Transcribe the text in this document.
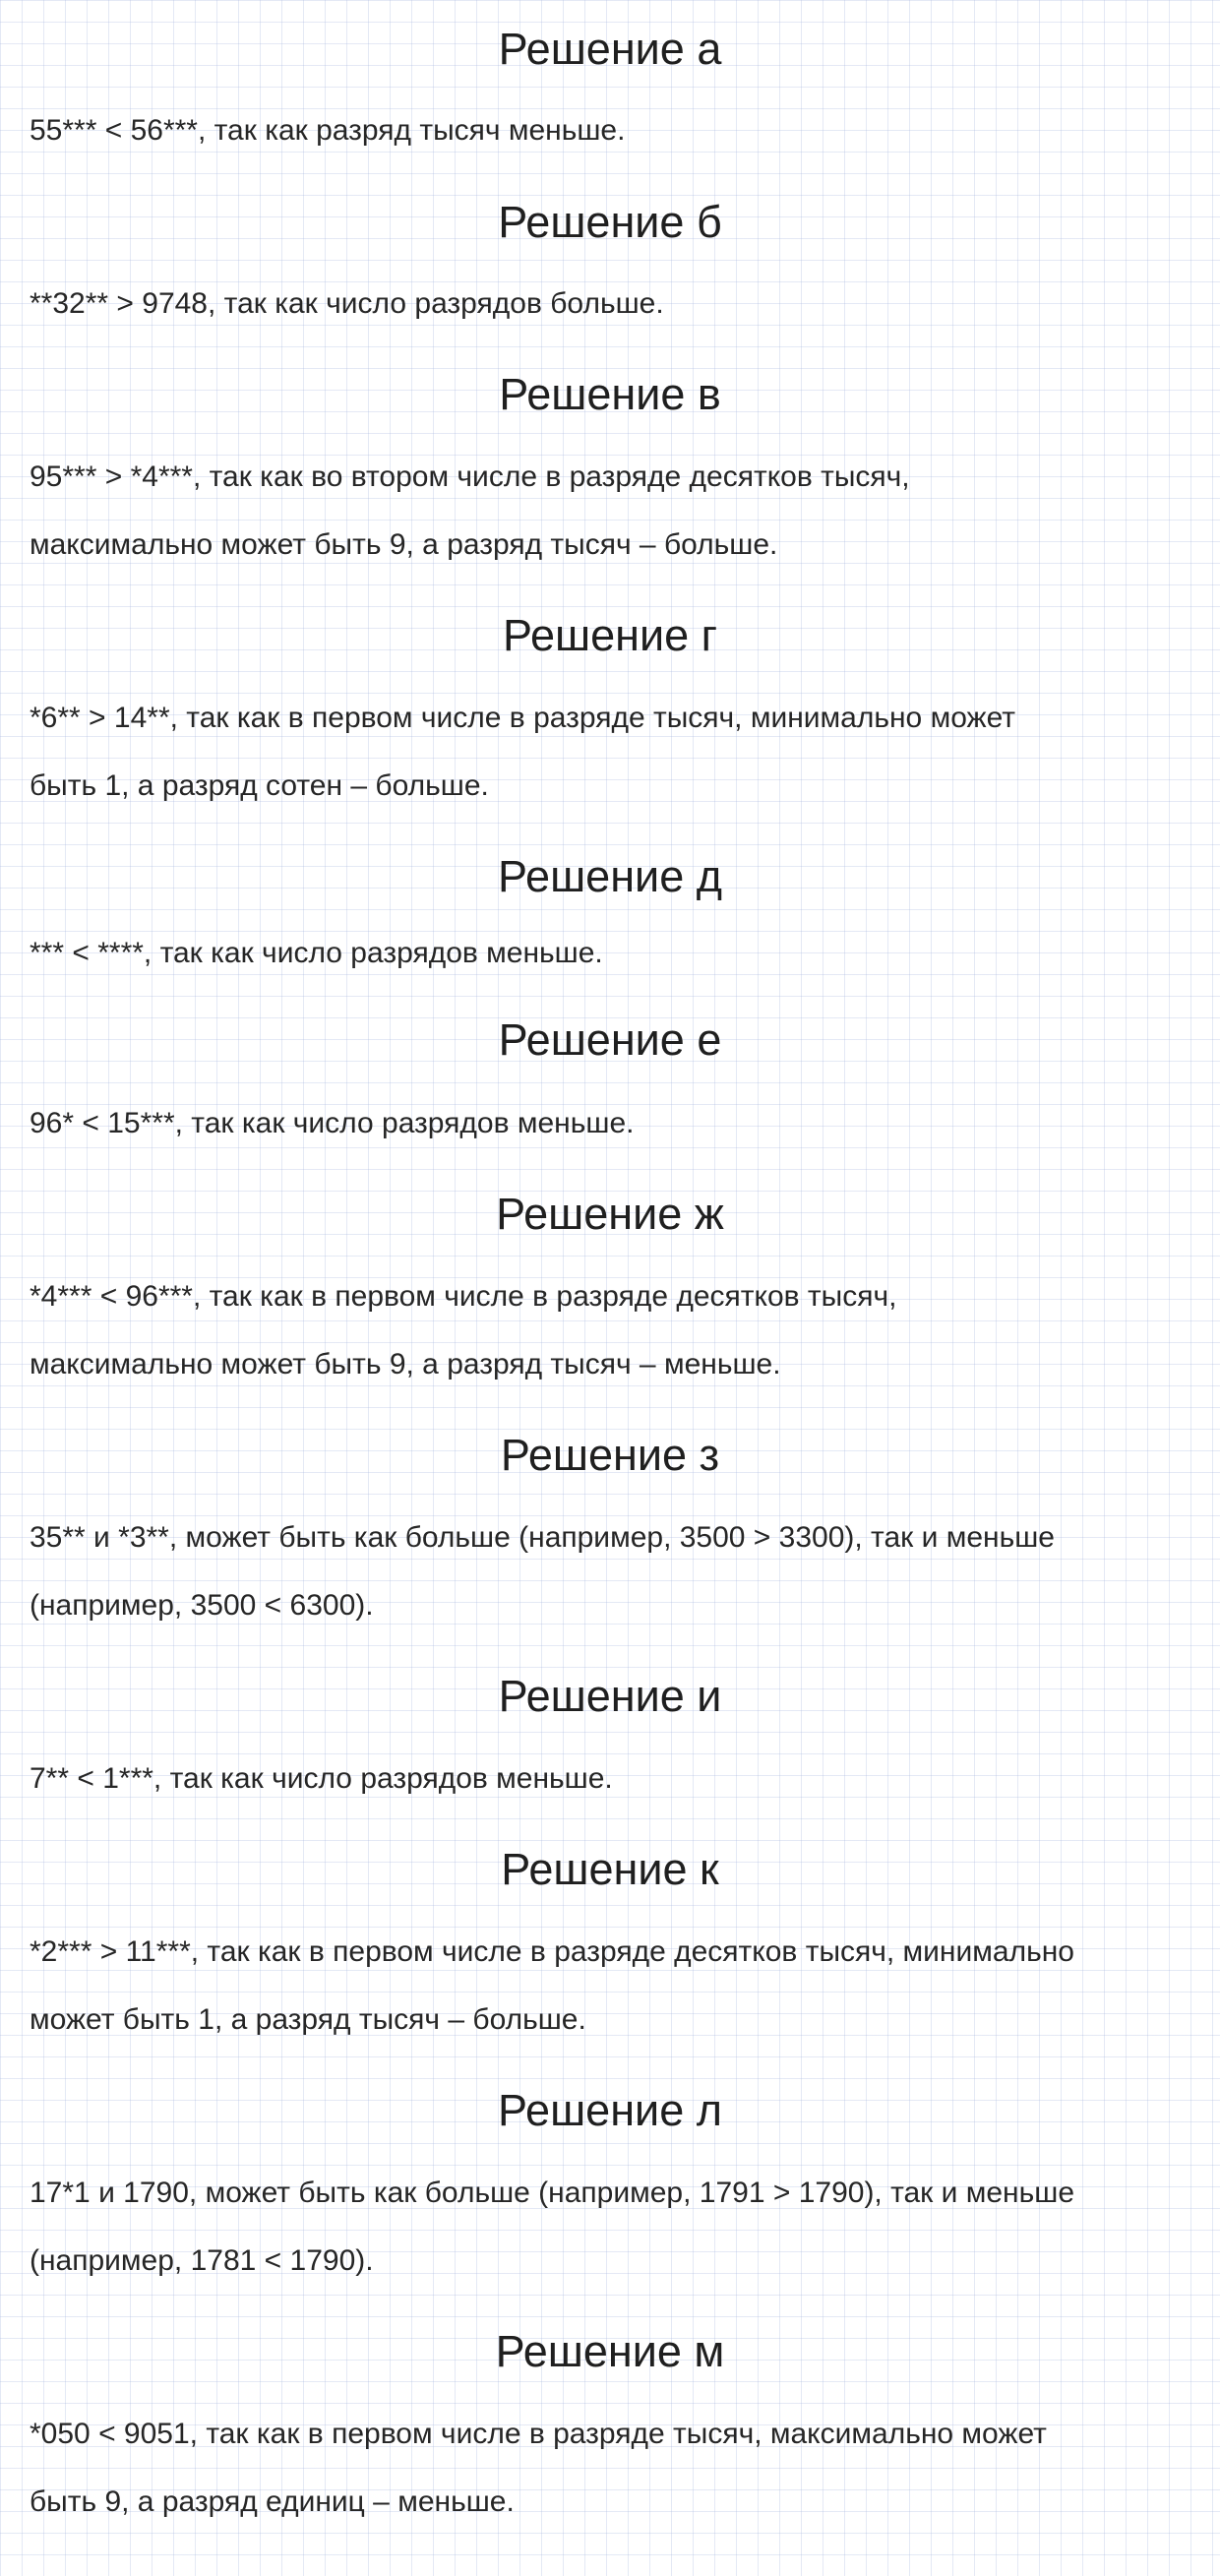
Решение а

55*** < 56***, так как разряд тысяч меньше.

Решение б

**32** > 9748, так как число разрядов больше.

Решение в

95*** > *4***, так как во втором числе в разряде десятков тысяч,

максимально может быть 9, а разряд тысяч – больше.

Решение г

*6** > 14**, так как в первом числе в разряде тысяч, минимально может

быть 1, а разряд сотен – больше.

Решение д

*** < ****, так как число разрядов меньше.

Решение е

96* < 15***, так как число разрядов меньше.

Решение ж

*4*** < 96***, так как в первом числе в разряде десятков тысяч,

максимально может быть 9, а разряд тысяч – меньше.

Решение з

35** и *3**, может быть как больше (например, 3500 > 3300), так и меньше

(например, 3500 < 6300).

Решение и

7** < 1***, так как число разрядов меньше.

Решение к

*2*** > 11***, так как в первом числе в разряде десятков тысяч, минимально

может быть 1, а разряд тысяч – больше.

Решение л

17*1 и 1790, может быть как больше (например, 1791 > 1790), так и меньше

(например, 1781 < 1790).

Решение м

*050 < 9051, так как в первом числе в разряде тысяч, максимально может

быть 9, а разряд единиц – меньше.
